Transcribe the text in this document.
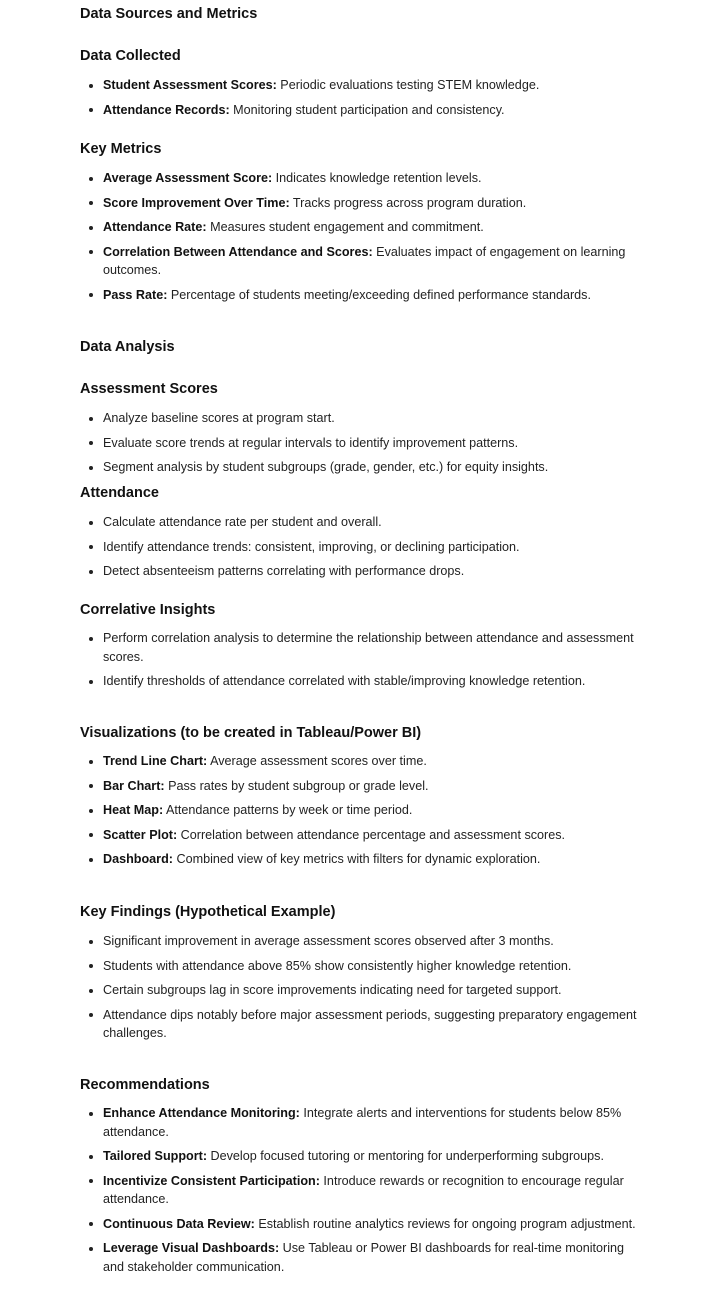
Data Sources and Metrics
Data Collected
Student Assessment Scores: Periodic evaluations testing STEM knowledge.
Attendance Records: Monitoring student participation and consistency.
Key Metrics
Average Assessment Score: Indicates knowledge retention levels.
Score Improvement Over Time: Tracks progress across program duration.
Attendance Rate: Measures student engagement and commitment.
Correlation Between Attendance and Scores: Evaluates impact of engagement on learning outcomes.
Pass Rate: Percentage of students meeting/exceeding defined performance standards.
Data Analysis
Assessment Scores
Analyze baseline scores at program start.
Evaluate score trends at regular intervals to identify improvement patterns.
Segment analysis by student subgroups (grade, gender, etc.) for equity insights.
Attendance
Calculate attendance rate per student and overall.
Identify attendance trends: consistent, improving, or declining participation.
Detect absenteeism patterns correlating with performance drops.
Correlative Insights
Perform correlation analysis to determine the relationship between attendance and assessment scores.
Identify thresholds of attendance correlated with stable/improving knowledge retention.
Visualizations (to be created in Tableau/Power BI)
Trend Line Chart: Average assessment scores over time.
Bar Chart: Pass rates by student subgroup or grade level.
Heat Map: Attendance patterns by week or time period.
Scatter Plot: Correlation between attendance percentage and assessment scores.
Dashboard: Combined view of key metrics with filters for dynamic exploration.
Key Findings (Hypothetical Example)
Significant improvement in average assessment scores observed after 3 months.
Students with attendance above 85% show consistently higher knowledge retention.
Certain subgroups lag in score improvements indicating need for targeted support.
Attendance dips notably before major assessment periods, suggesting preparatory engagement challenges.
Recommendations
Enhance Attendance Monitoring: Integrate alerts and interventions for students below 85% attendance.
Tailored Support: Develop focused tutoring or mentoring for underperforming subgroups.
Incentivize Consistent Participation: Introduce rewards or recognition to encourage regular attendance.
Continuous Data Review: Establish routine analytics reviews for ongoing program adjustment.
Leverage Visual Dashboards: Use Tableau or Power BI dashboards for real-time monitoring and stakeholder communication.
